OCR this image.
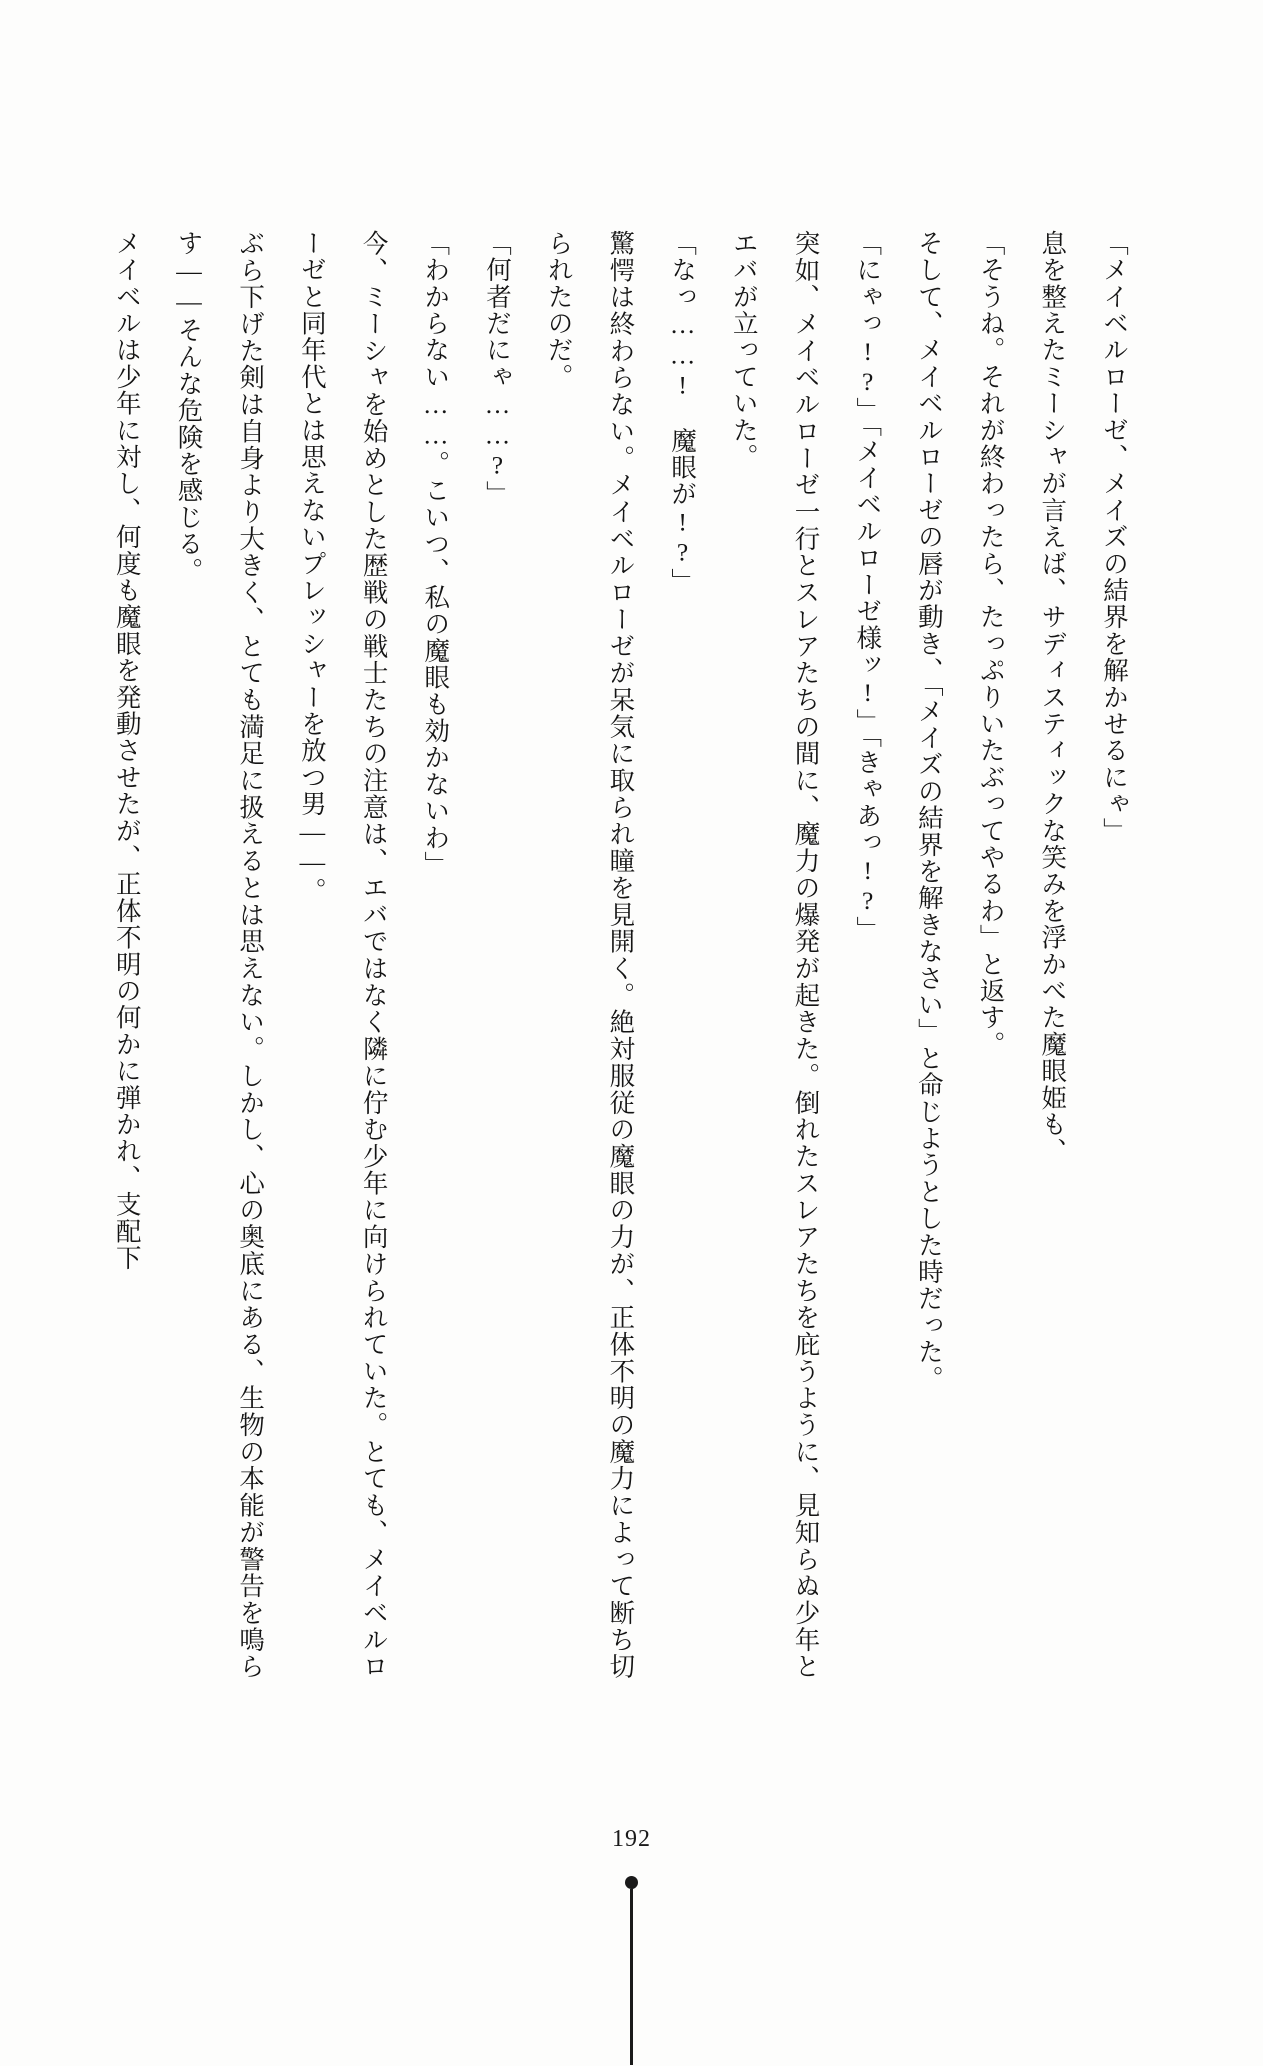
「メイベルローゼ、メイズの結界を解かせるにゃ」

息を整えたミーシャが言えば、サディスティックな笑みを浮かべた魔眼姫も、

「そうね。それが終わったら、たっぷりいたぶってやるわ」と返す。

そして、メイベルローゼの唇が動き、「メイズの結界を解きなさい」と命じようとした時だった。

「にゃっ!?」「メイベルローゼ様ッ!」「きゃあっ!?」

突如、メイベルローゼ一行とスレアたちの間に、魔力の爆発が起きた。倒れたスレアたちを庇うように、見知らぬ少年とエバが立っていた。

「なっ……!　魔眼が!?」

驚愕は終わらない。メイベルローゼが呆気に取られ瞳を見開く。絶対服従の魔眼の力が、正体不明の魔力によって断ち切られたのだ。

「何者だにゃ……?」

「わからない……。こいつ、私の魔眼も効かないわ」

今、ミーシャを始めとした歴戦の戦士たちの注意は、エバではなく隣に佇む少年に向けられていた。とても、メイベルローゼと同年代とは思えないプレッシャーを放つ男――。

ぶら下げた剣は自身より大きく、とても満足に扱えるとは思えない。しかし、心の奥底にある、生物の本能が警告を鳴らす――そんな危険を感じる。

メイベルは少年に対し、何度も魔眼を発動させたが、正体不明の何かに弾かれ、支配下

192
